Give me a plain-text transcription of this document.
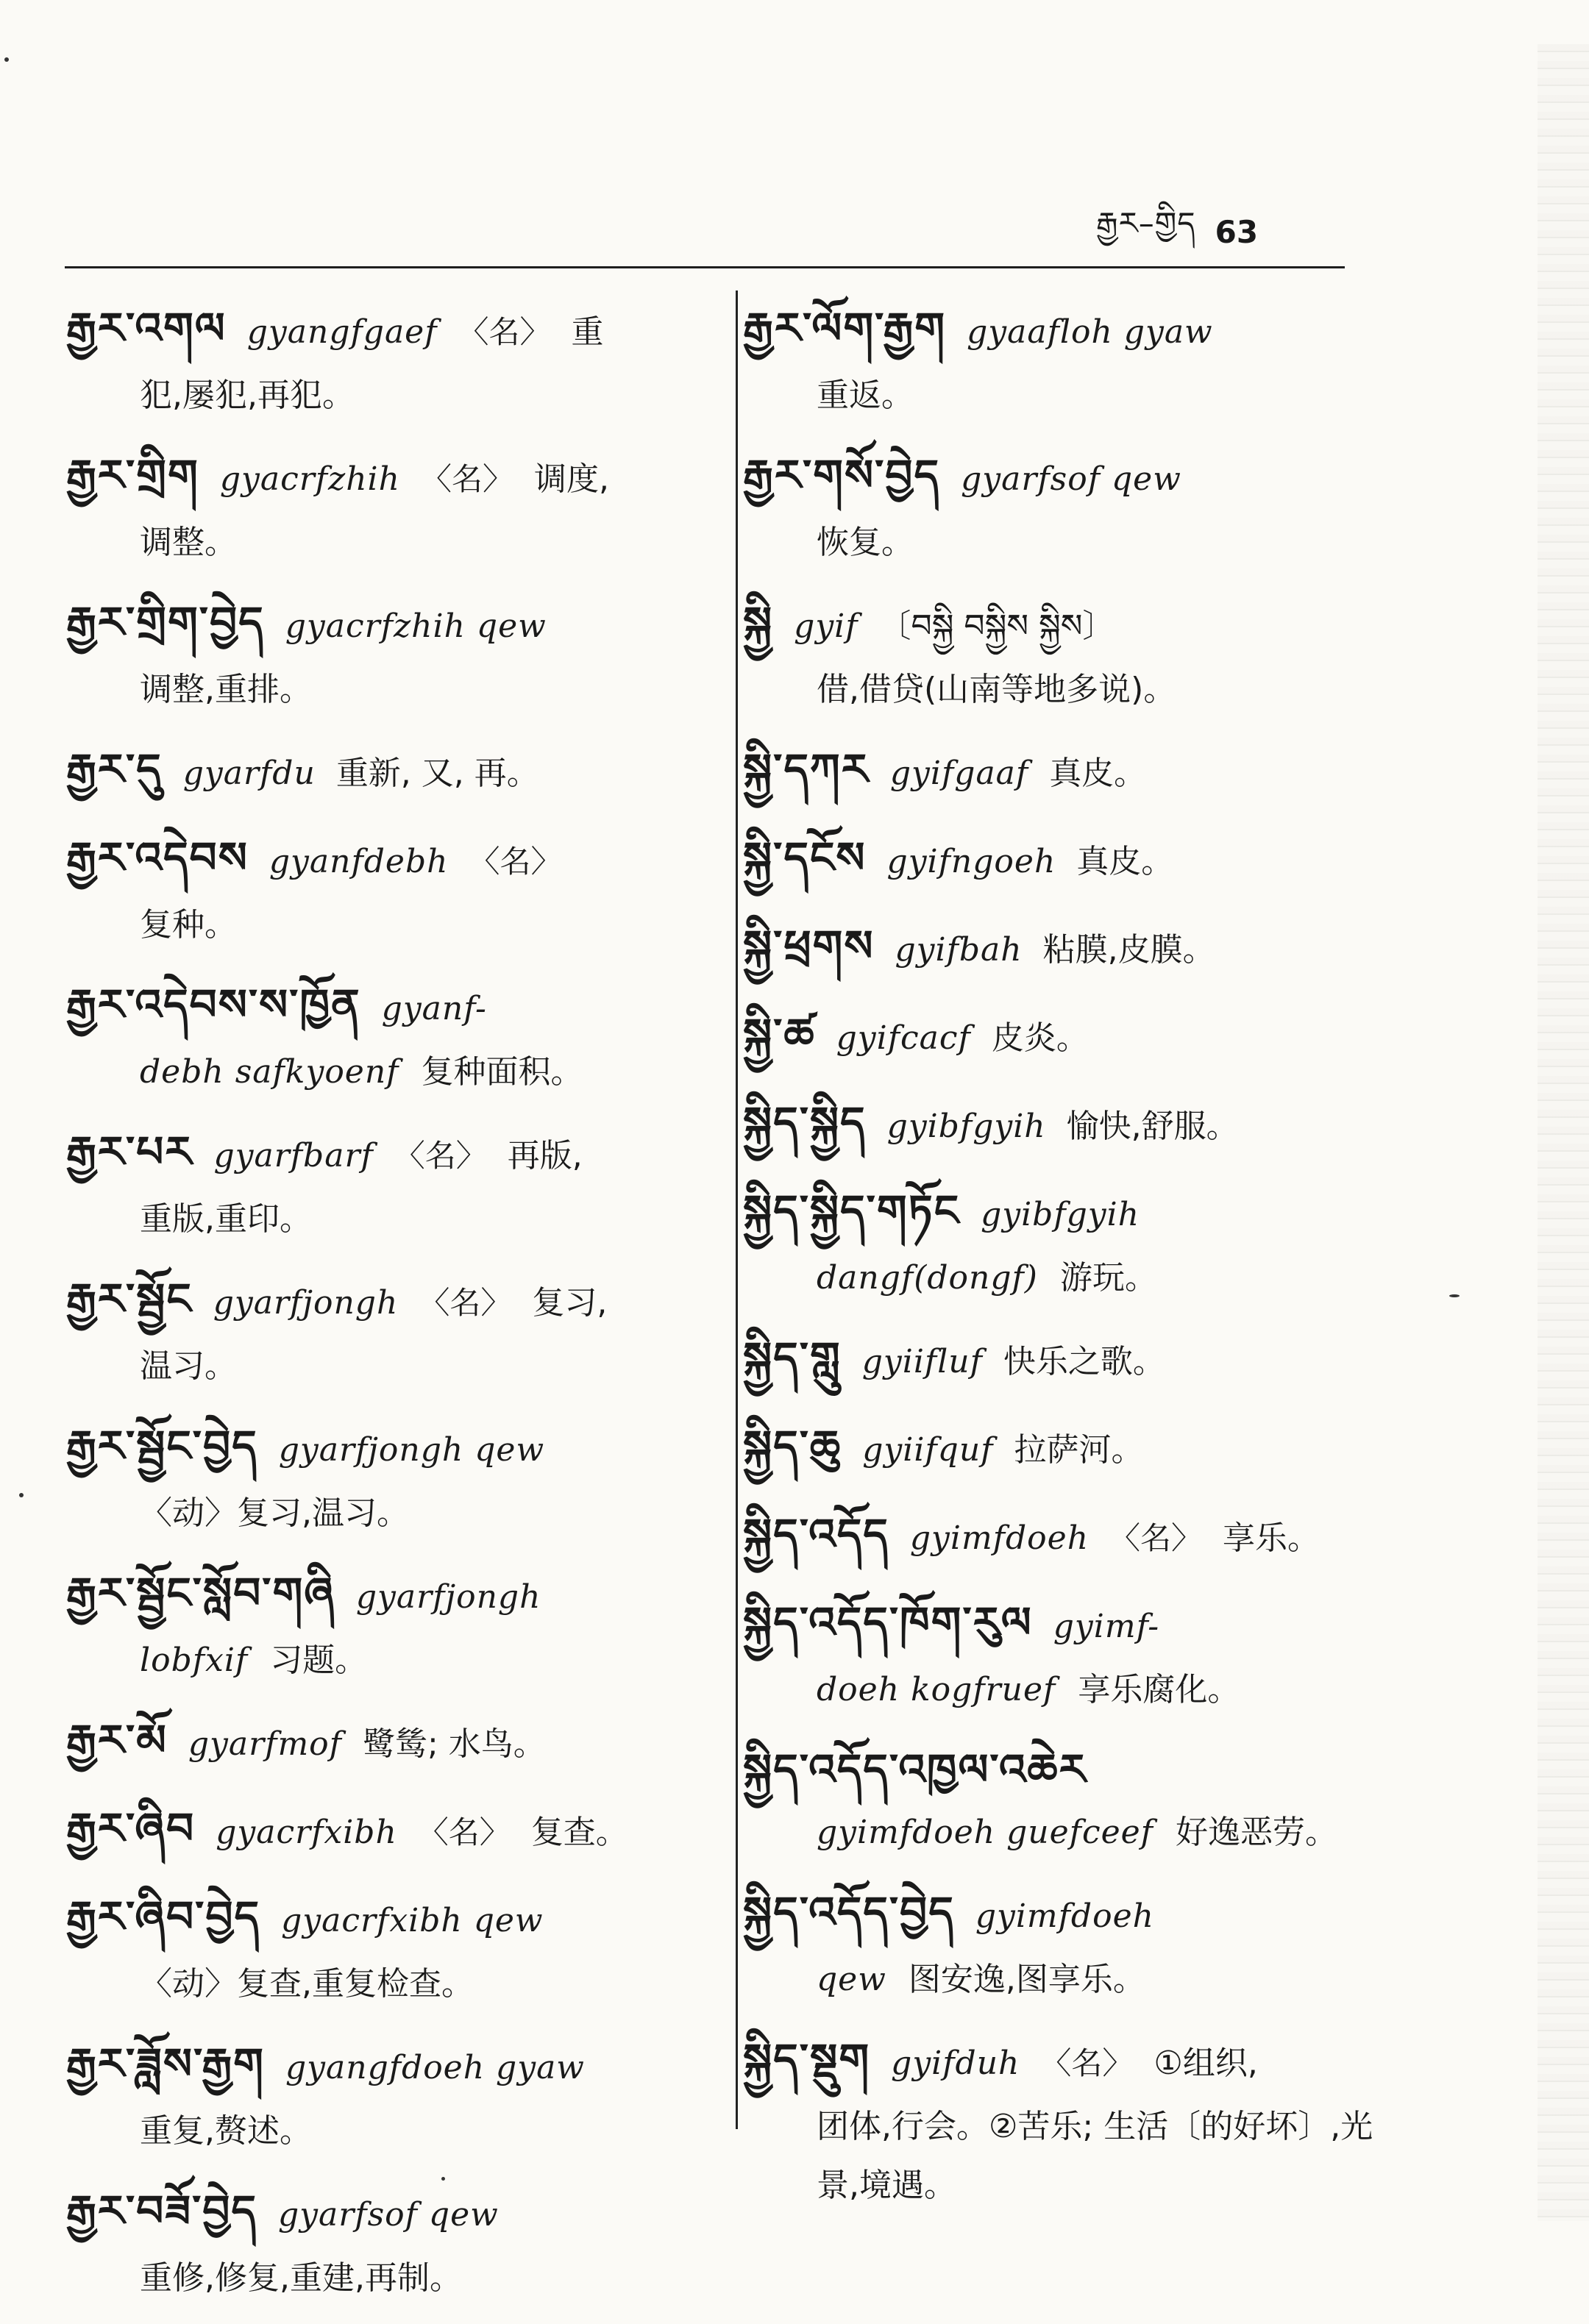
རྒྱར–གྱིད 63
རྒྱར་འགལ gyangfgaef 〈名〉 重
犯,屡犯,再犯。
རྒྱར་གྲིག gyacrfzhih 〈名〉 调度,
调整。
རྒྱར་གྲིག་བྱེད gyacrfzhih qew
调整,重排。
རྒྱར་དུ gyarfdu 重新, 又, 再。
རྒྱར་འདེབས gyanfdebh 〈名〉
复种。
རྒྱར་འདེབས་ས་ཁྱོན gyanf-
debh safkyoenf 复种面积。
རྒྱར་པར gyarfbarf 〈名〉 再版,
重版,重印。
རྒྱར་སྦྱོང gyarfjongh 〈名〉 复习,
温习。
རྒྱར་སྦྱོང་བྱེད gyarfjongh qew
〈动〉复习,温习。
རྒྱར་སྦྱོང་སློབ་གཞི gyarfjongh
lobfxif 习题。
རྒྱར་མོ gyarfmof 鹭鸶; 水鸟。
རྒྱར་ཞིབ gyacrfxibh 〈名〉 复查。
རྒྱར་ཞིབ་བྱེད gyacrfxibh qew
〈动〉复查,重复检查。
རྒྱར་ཟློས་རྒྱག gyangfdoeh gyaw
重复,赘述。
རྒྱར་བཟོ་བྱེད gyarfsof qew
重修,修复,重建,再制。
རྒྱར་ལོག་རྒྱག gyaafloh gyaw
重返。
རྒྱར་གསོ་བྱེད gyarfsof qew
恢复。
སྐྱི gyif 〔བསྐྱི བསྐྱིས སྐྱིས〕
借,借贷(山南等地多说)。
སྐྱི་དཀར gyifgaaf 真皮。
སྐྱི་དངོས gyifngoeh 真皮。
སྐྱི་ཕྲགས gyifbah 粘膜,皮膜。
སྐྱི་ཚ gyifcacf 皮炎。
སྐྱིད་སྐྱིད gyibfgyih 愉快,舒服。
སྐྱིད་སྐྱིད་གཏོང gyibfgyih
dangf(dongf) 游玩。
སྐྱིད་གླུ gyiifluf 快乐之歌。
སྐྱིད་ཆུ gyiifquf 拉萨河。
སྐྱིད་འདོད gyimfdoeh 〈名〉 享乐。
སྐྱིད་འདོད་ཁོག་རུལ gyimf-
doeh kogfruef 享乐腐化。
སྐྱིད་འདོད་འཁྱལ་འཆེར
gyimfdoeh guefceef 好逸恶劳。
སྐྱིད་འདོད་བྱེད gyimfdoeh
qew 图安逸,图享乐。
སྐྱིད་སྡུག gyifduh 〈名〉 ①组织,
团体,行会。②苦乐; 生活〔的好坏〕,光景,境遇。
